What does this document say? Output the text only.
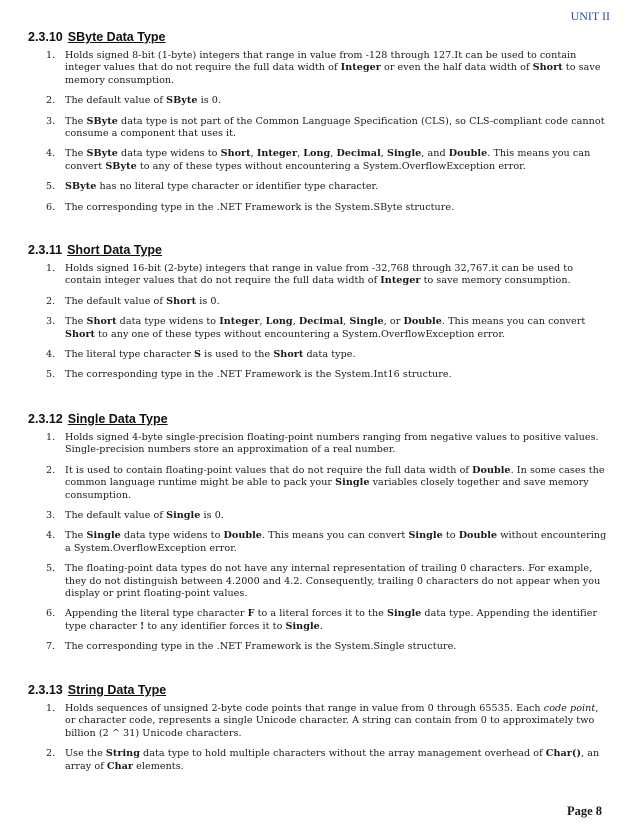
UNIT II
2.3.10 SByte Data Type
1. Holds signed 8-bit (1-byte) integers that range in value from -128 through 127.It can be used to contain integer values that do not require the full data width of Integer or even the half data width of Short to save memory consumption.
2. The default value of SByte is 0.
3. The SByte data type is not part of the Common Language Specification (CLS), so CLS-compliant code cannot consume a component that uses it.
4. The SByte data type widens to Short, Integer, Long, Decimal, Single, and Double. This means you can convert SByte to any of these types without encountering a System.OverflowException error.
5. SByte has no literal type character or identifier type character.
6. The corresponding type in the .NET Framework is the System.SByte structure.
2.3.11 Short Data Type
1. Holds signed 16-bit (2-byte) integers that range in value from -32,768 through 32,767.it can be used to contain integer values that do not require the full data width of Integer to save memory consumption.
2. The default value of Short is 0.
3. The Short data type widens to Integer, Long, Decimal, Single, or Double. This means you can convert Short to any one of these types without encountering a System.OverflowException error.
4. The literal type character S is used to the Short data type.
5. The corresponding type in the .NET Framework is the System.Int16 structure.
2.3.12 Single Data Type
1. Holds signed 4-byte single-precision floating-point numbers ranging from negative values to positive values. Single-precision numbers store an approximation of a real number.
2. It is used to contain floating-point values that do not require the full data width of Double. In some cases the common language runtime might be able to pack your Single variables closely together and save memory consumption.
3. The default value of Single is 0.
4. The Single data type widens to Double. This means you can convert Single to Double without encountering a System.OverflowException error.
5. The floating-point data types do not have any internal representation of trailing 0 characters. For example, they do not distinguish between 4.2000 and 4.2. Consequently, trailing 0 characters do not appear when you display or print floating-point values.
6. Appending the literal type character F to a literal forces it to the Single data type. Appending the identifier type character ! to any identifier forces it to Single.
7. The corresponding type in the .NET Framework is the System.Single structure.
2.3.13 String Data Type
1. Holds sequences of unsigned 2-byte code points that range in value from 0 through 65535. Each code point, or character code, represents a single Unicode character. A string can contain from 0 to approximately two billion (2 ^ 31) Unicode characters.
2. Use the String data type to hold multiple characters without the array management overhead of Char(), an array of Char elements.
Page 8
